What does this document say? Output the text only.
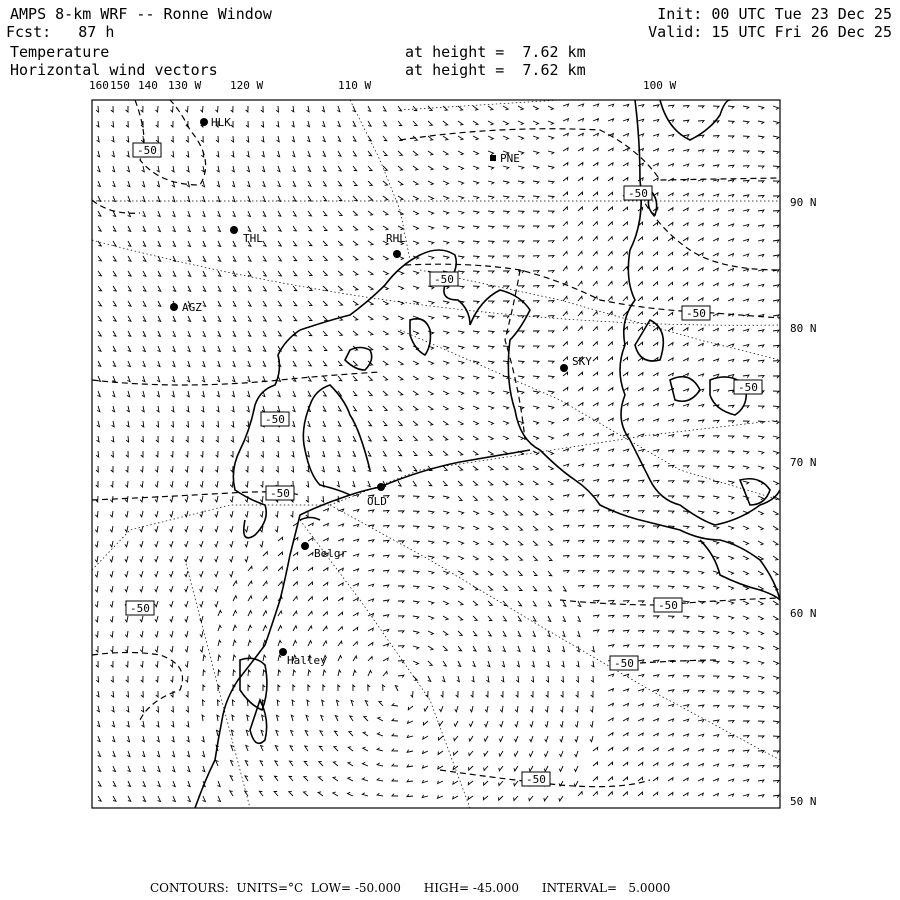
AMPS 8-km WRF -- Ronne Window
Fcst:   87 h
Init: 00 UTC Tue 23 Dec 25
Valid: 15 UTC Fri 26 Dec 25
Temperature	at height =  7.62 km
Horizontal wind vectors	at height =  7.62 km
160 150 140 130 W	120 W	110 W	100 W
90 N
80 N
70 N
60 N
50 N
HLK
PNE
THL	RHL
AGZ
SKY
OLD
Belgr
Halley
-50
-50
-50
-50
-50
-50
-50
-50	-50
-50
-50
CONTOURS:  UNITS=°C  LOW= -50.000      HIGH= -45.000      INTERVAL=   5.0000
